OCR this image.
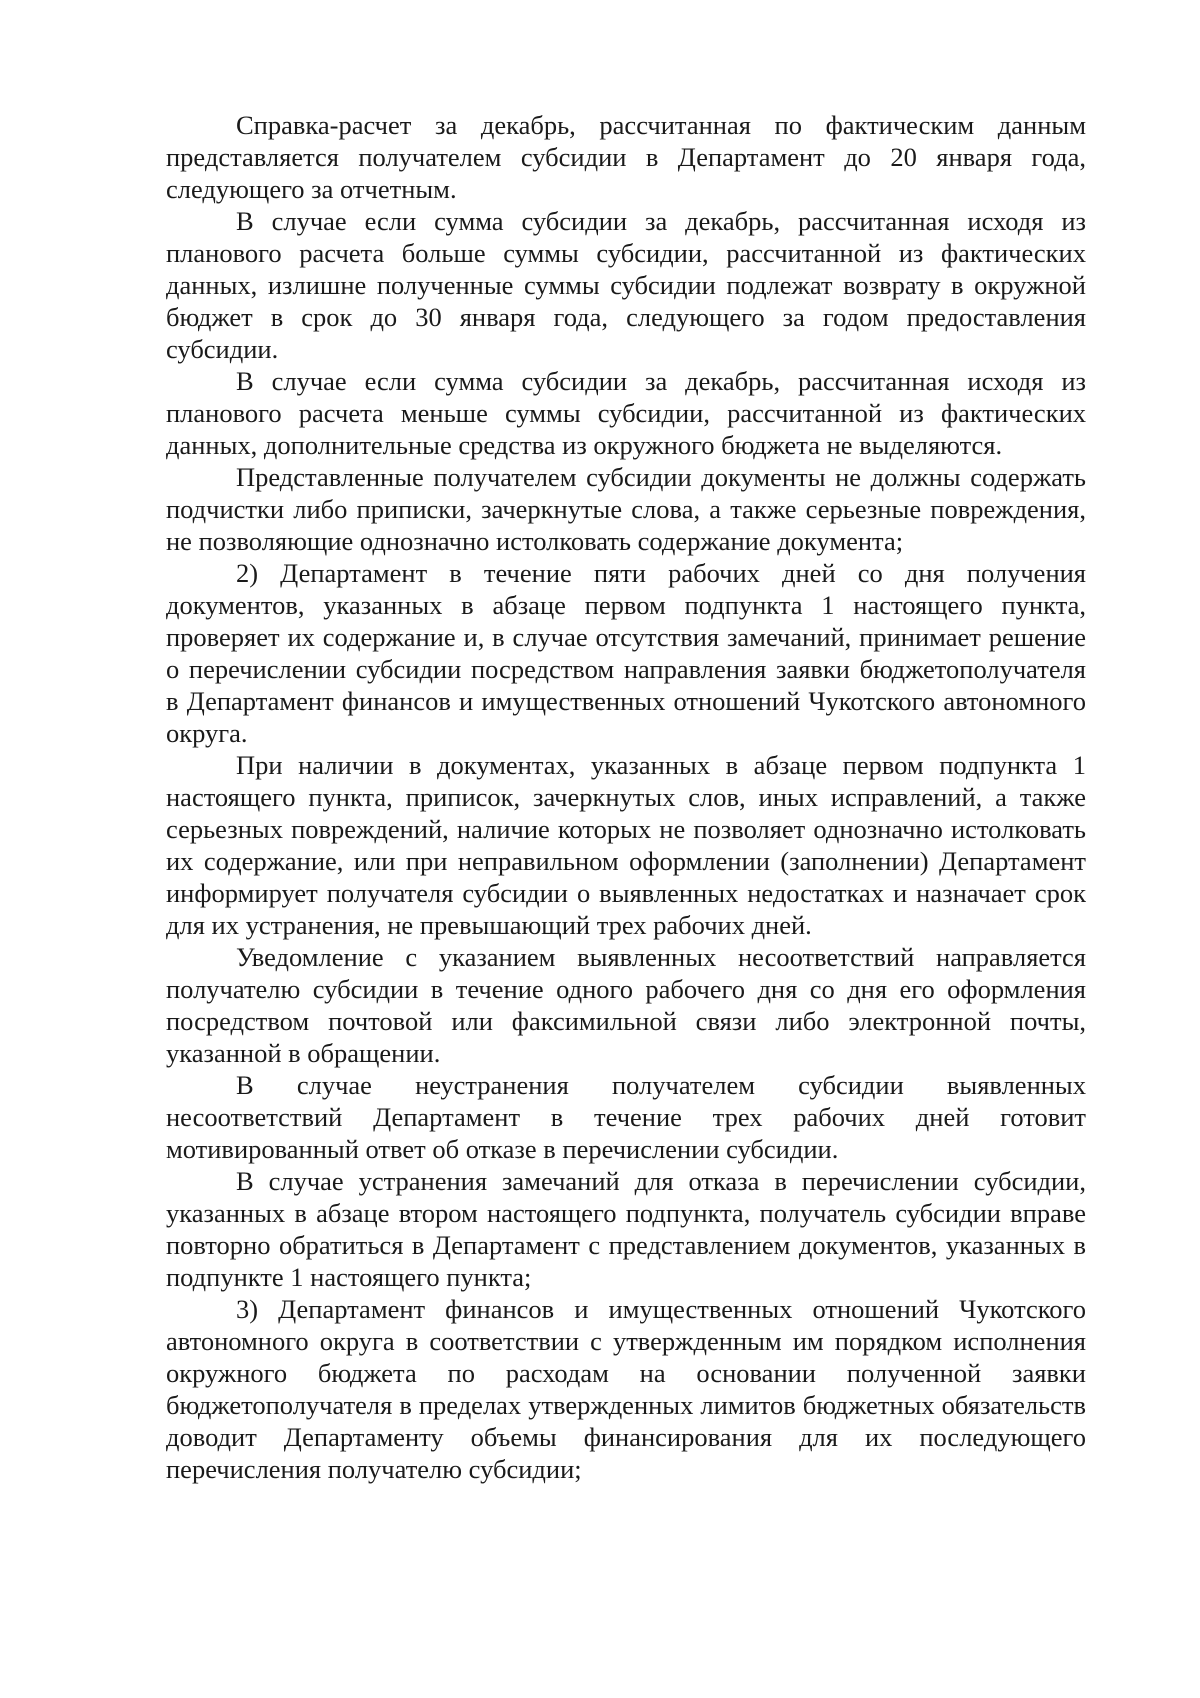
Справка-расчет за декабрь, рассчитанная по фактическим данным представляется получателем субсидии в Департамент до 20 января года, следующего за отчетным.

В случае если сумма субсидии за декабрь, рассчитанная исходя из планового расчета больше суммы субсидии, рассчитанной из фактических данных, излишне полученные суммы субсидии подлежат возврату в окружной бюджет в срок до 30 января года, следующего за годом предоставления субсидии.

В случае если сумма субсидии за декабрь, рассчитанная исходя из планового расчета меньше суммы субсидии, рассчитанной из фактических данных, дополнительные средства из окружного бюджета не выделяются.

Представленные получателем субсидии документы не должны содержать подчистки либо приписки, зачеркнутые слова, а также серьезные повреждения, не позволяющие однозначно истолковать содержание документа;

2) Департамент в течение пяти рабочих дней со дня получения документов, указанных в абзаце первом подпункта 1 настоящего пункта, проверяет их содержание и, в случае отсутствия замечаний, принимает решение о перечислении субсидии посредством направления заявки бюджетополучателя в Департамент финансов и имущественных отношений Чукотского автономного округа.

При наличии в документах, указанных в абзаце первом подпункта 1 настоящего пункта, приписок, зачеркнутых слов, иных исправлений, а также серьезных повреждений, наличие которых не позволяет однозначно истолковать их содержание, или при неправильном оформлении (заполнении) Департамент информирует получателя субсидии о выявленных недостатках и назначает срок для их устранения, не превышающий трех рабочих дней.

Уведомление с указанием выявленных несоответствий направляется получателю субсидии в течение одного рабочего дня со дня его оформления посредством почтовой или факсимильной связи либо электронной почты, указанной в обращении.

В случае неустранения получателем субсидии выявленных несоответствий Департамент в течение трех рабочих дней готовит мотивированный ответ об отказе в перечислении субсидии.

В случае устранения замечаний для отказа в перечислении субсидии, указанных в абзаце втором настоящего подпункта, получатель субсидии вправе повторно обратиться в Департамент с представлением документов, указанных в подпункте 1 настоящего пункта;

3) Департамент финансов и имущественных отношений Чукотского автономного округа в соответствии с утвержденным им порядком исполнения окружного бюджета по расходам на основании полученной заявки бюджетополучателя в пределах утвержденных лимитов бюджетных обязательств доводит Департаменту объемы финансирования для их последующего перечисления получателю субсидии;
